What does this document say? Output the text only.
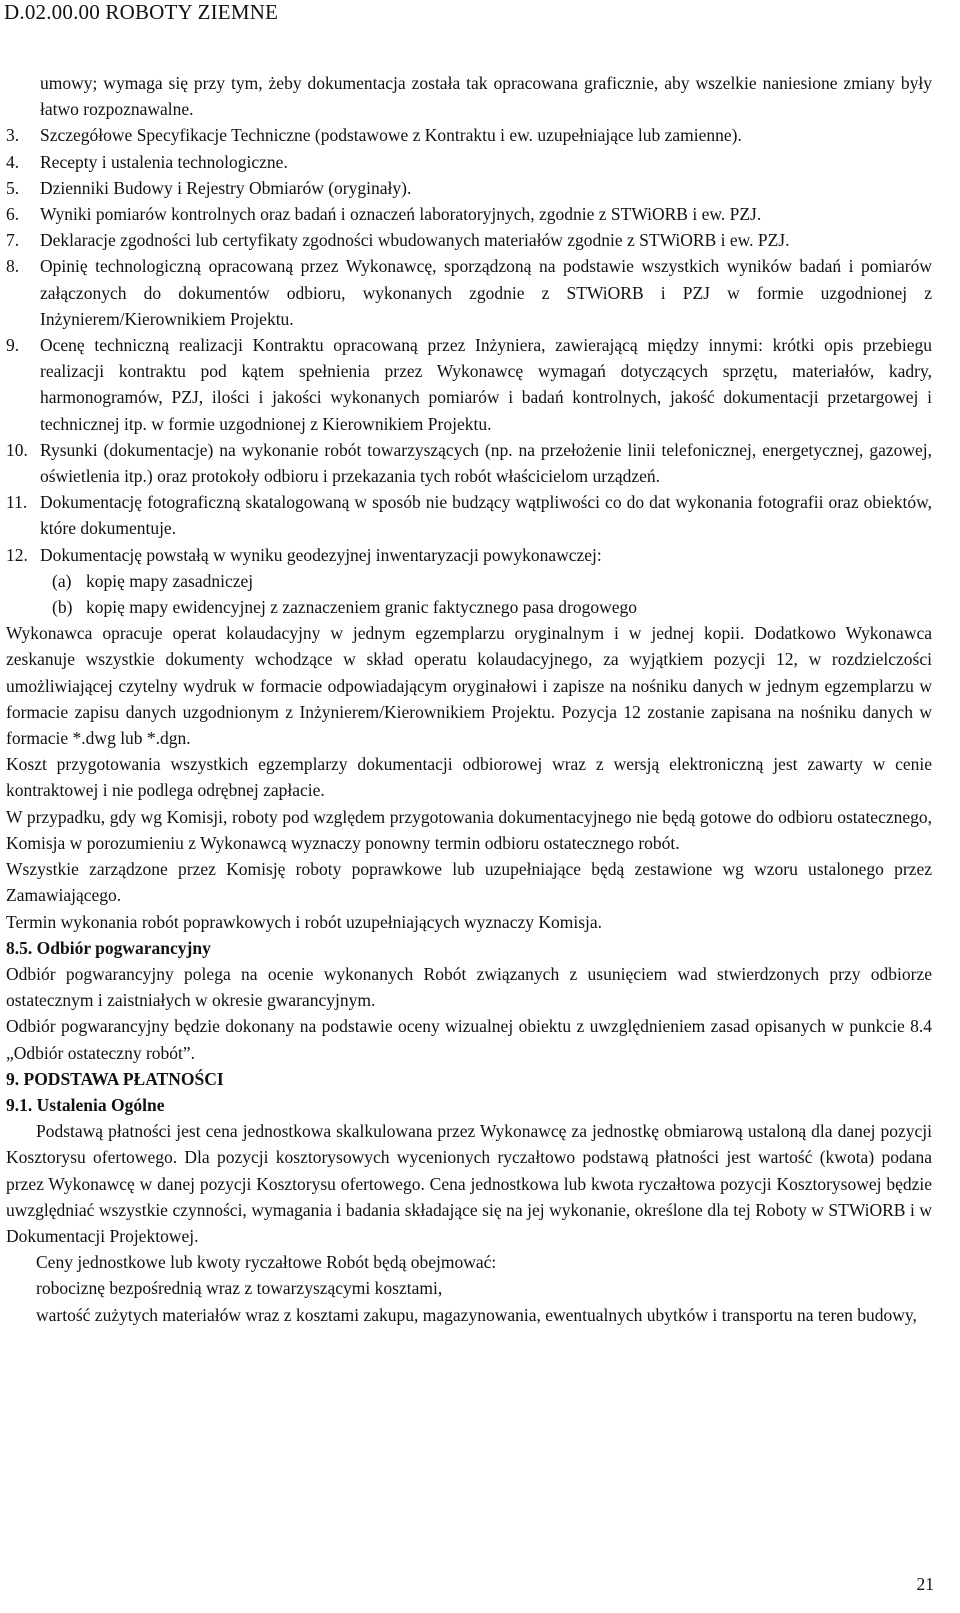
D.02.00.00 ROBOTY ZIEMNE

umowy; wymaga się przy tym, żeby dokumentacja została tak opracowana graficznie, aby wszelkie naniesione zmiany były łatwo rozpoznawalne.

3.	Szczegółowe Specyfikacje Techniczne (podstawowe z Kontraktu i ew. uzupełniające lub zamienne).
4.	Recepty i ustalenia technologiczne.
5.	Dzienniki Budowy i Rejestry Obmiarów (oryginały).
6.	Wyniki pomiarów kontrolnych oraz badań i oznaczeń laboratoryjnych, zgodnie z STWiORB i ew. PZJ.
7.	Deklaracje zgodności lub certyfikaty zgodności wbudowanych materiałów zgodnie z STWiORB i ew. PZJ.
8.	Opinię technologiczną opracowaną przez Wykonawcę, sporządzoną na podstawie wszystkich wyników badań i pomiarów załączonych do dokumentów odbioru, wykonanych zgodnie z STWiORB i PZJ w formie uzgodnionej z Inżynierem/Kierownikiem Projektu.
9.	Ocenę techniczną realizacji Kontraktu opracowaną przez Inżyniera, zawierającą między innymi: krótki opis przebiegu realizacji kontraktu pod kątem spełnienia przez Wykonawcę wymagań dotyczących sprzętu, materiałów, kadry, harmonogramów, PZJ, ilości i jakości wykonanych pomiarów i badań kontrolnych, jakość dokumentacji przetargowej i technicznej itp. w formie uzgodnionej z Kierownikiem Projektu.
10. Rysunki (dokumentacje) na wykonanie robót towarzyszących (np. na przełożenie linii telefonicznej, energetycznej, gazowej, oświetlenia itp.) oraz protokoły odbioru i przekazania tych robót właścicielom urządzeń.
11. Dokumentację fotograficzną skatalogowaną w sposób nie budzący wątpliwości co do dat wykonania fotografii oraz obiektów, które dokumentuje.
12. Dokumentację powstałą w wyniku geodezyjnej inwentaryzacji powykonawczej:
(a) kopię mapy zasadniczej
(b) kopię mapy ewidencyjnej z zaznaczeniem granic faktycznego pasa drogowego

Wykonawca opracuje operat kolaudacyjny w jednym egzemplarzu oryginalnym i w jednej kopii. Dodatkowo Wykonawca zeskanuje wszystkie dokumenty wchodzące w skład operatu kolaudacyjnego, za wyjątkiem pozycji 12, w rozdzielczości umożliwiającej czytelny wydruk w formacie odpowiadającym oryginałowi i zapisze na nośniku danych w jednym egzemplarzu w formacie zapisu danych uzgodnionym z Inżynierem/Kierownikiem Projektu. Pozycja 12 zostanie zapisana na nośniku danych w formacie *.dwg lub *.dgn.

Koszt przygotowania wszystkich egzemplarzy dokumentacji odbiorowej wraz z wersją elektroniczną jest zawarty w cenie kontraktowej i nie podlega odrębnej zapłacie.

W przypadku, gdy wg Komisji, roboty pod względem przygotowania dokumentacyjnego nie będą gotowe do odbioru ostatecznego, Komisja w porozumieniu z Wykonawcą wyznaczy ponowny termin odbioru ostatecznego robót.

Wszystkie zarządzone przez Komisję roboty poprawkowe lub uzupełniające będą zestawione wg wzoru ustalonego przez Zamawiającego.

Termin wykonania robót poprawkowych i robót uzupełniających wyznaczy Komisja.

8.5. Odbiór pogwarancyjny

Odbiór pogwarancyjny polega na ocenie wykonanych Robót związanych z usunięciem wad stwierdzonych przy odbiorze ostatecznym i zaistniałych w okresie gwarancyjnym.

Odbiór pogwarancyjny będzie dokonany na podstawie oceny wizualnej obiektu z uwzględnieniem zasad opisanych w punkcie 8.4 „Odbiór ostateczny robót”.

9. PODSTAWA PŁATNOŚCI

9.1. Ustalenia Ogólne

Podstawą płatności jest cena jednostkowa skalkulowana przez Wykonawcę za jednostkę obmiarową ustaloną dla danej pozycji Kosztorysu ofertowego. Dla pozycji kosztorysowych wycenionych ryczałtowo podstawą płatności jest wartość (kwota) podana przez Wykonawcę w danej pozycji Kosztorysu ofertowego. Cena jednostkowa lub kwota ryczałtowa pozycji Kosztorysowej będzie uwzględniać wszystkie czynności, wymagania i badania składające się na jej wykonanie, określone dla tej Roboty w STWiORB i w Dokumentacji Projektowej.

Ceny jednostkowe lub kwoty ryczałtowe Robót będą obejmować:

robociznę bezpośrednią wraz z towarzyszącymi kosztami,

wartość zużytych materiałów wraz z kosztami zakupu, magazynowania, ewentualnych ubytków i transportu na teren budowy,

21
